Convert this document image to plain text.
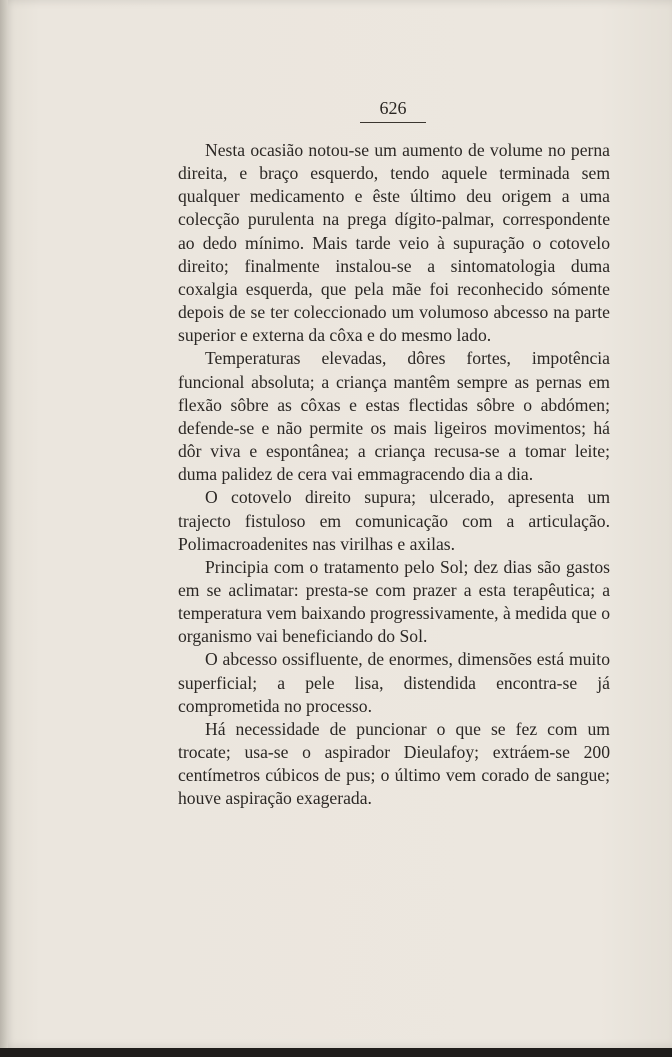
626

Nesta ocasião notou-se um aumento de volume no perna direita, e braço esquerdo, tendo aquele terminada sem qualquer medicamento e êste último deu origem a uma colecção purulenta na prega dígito-palmar, correspondente ao dedo mínimo. Mais tarde veio à supuração o cotovelo direito; finalmente instalou-se a sintomatologia duma coxalgia esquerda, que pela mãe foi reconhecido sómente depois de se ter coleccionado um volumoso abcesso na parte superior e externa da côxa e do mesmo lado.

Temperaturas elevadas, dôres fortes, impotência funcional absoluta; a criança mantêm sempre as pernas em flexão sôbre as côxas e estas flectidas sôbre o abdómen; defende-se e não permite os mais ligeiros movimentos; há dôr viva e espontânea; a criança recusa-se a tomar leite; duma palidez de cera vai emmagracendo dia a dia.

O cotovelo direito supura; ulcerado, apresenta um trajecto fistuloso em comunicação com a articulação. Polimacroadenites nas virilhas e axilas.

Principia com o tratamento pelo Sol; dez dias são gastos em se aclimatar: presta-se com prazer a esta terapêutica; a temperatura vem baixando progressivamente, à medida que o organismo vai beneficiando do Sol.

O abcesso ossifluente, de enormes, dimensões está muito superficial; a pele lisa, distendida encontra-se já comprometida no processo.

Há necessidade de puncionar o que se fez com um trocate; usa-se o aspirador Dieulafoy; extráem-se 200 centímetros cúbicos de pus; o último vem corado de sangue; houve aspiração exagerada.
